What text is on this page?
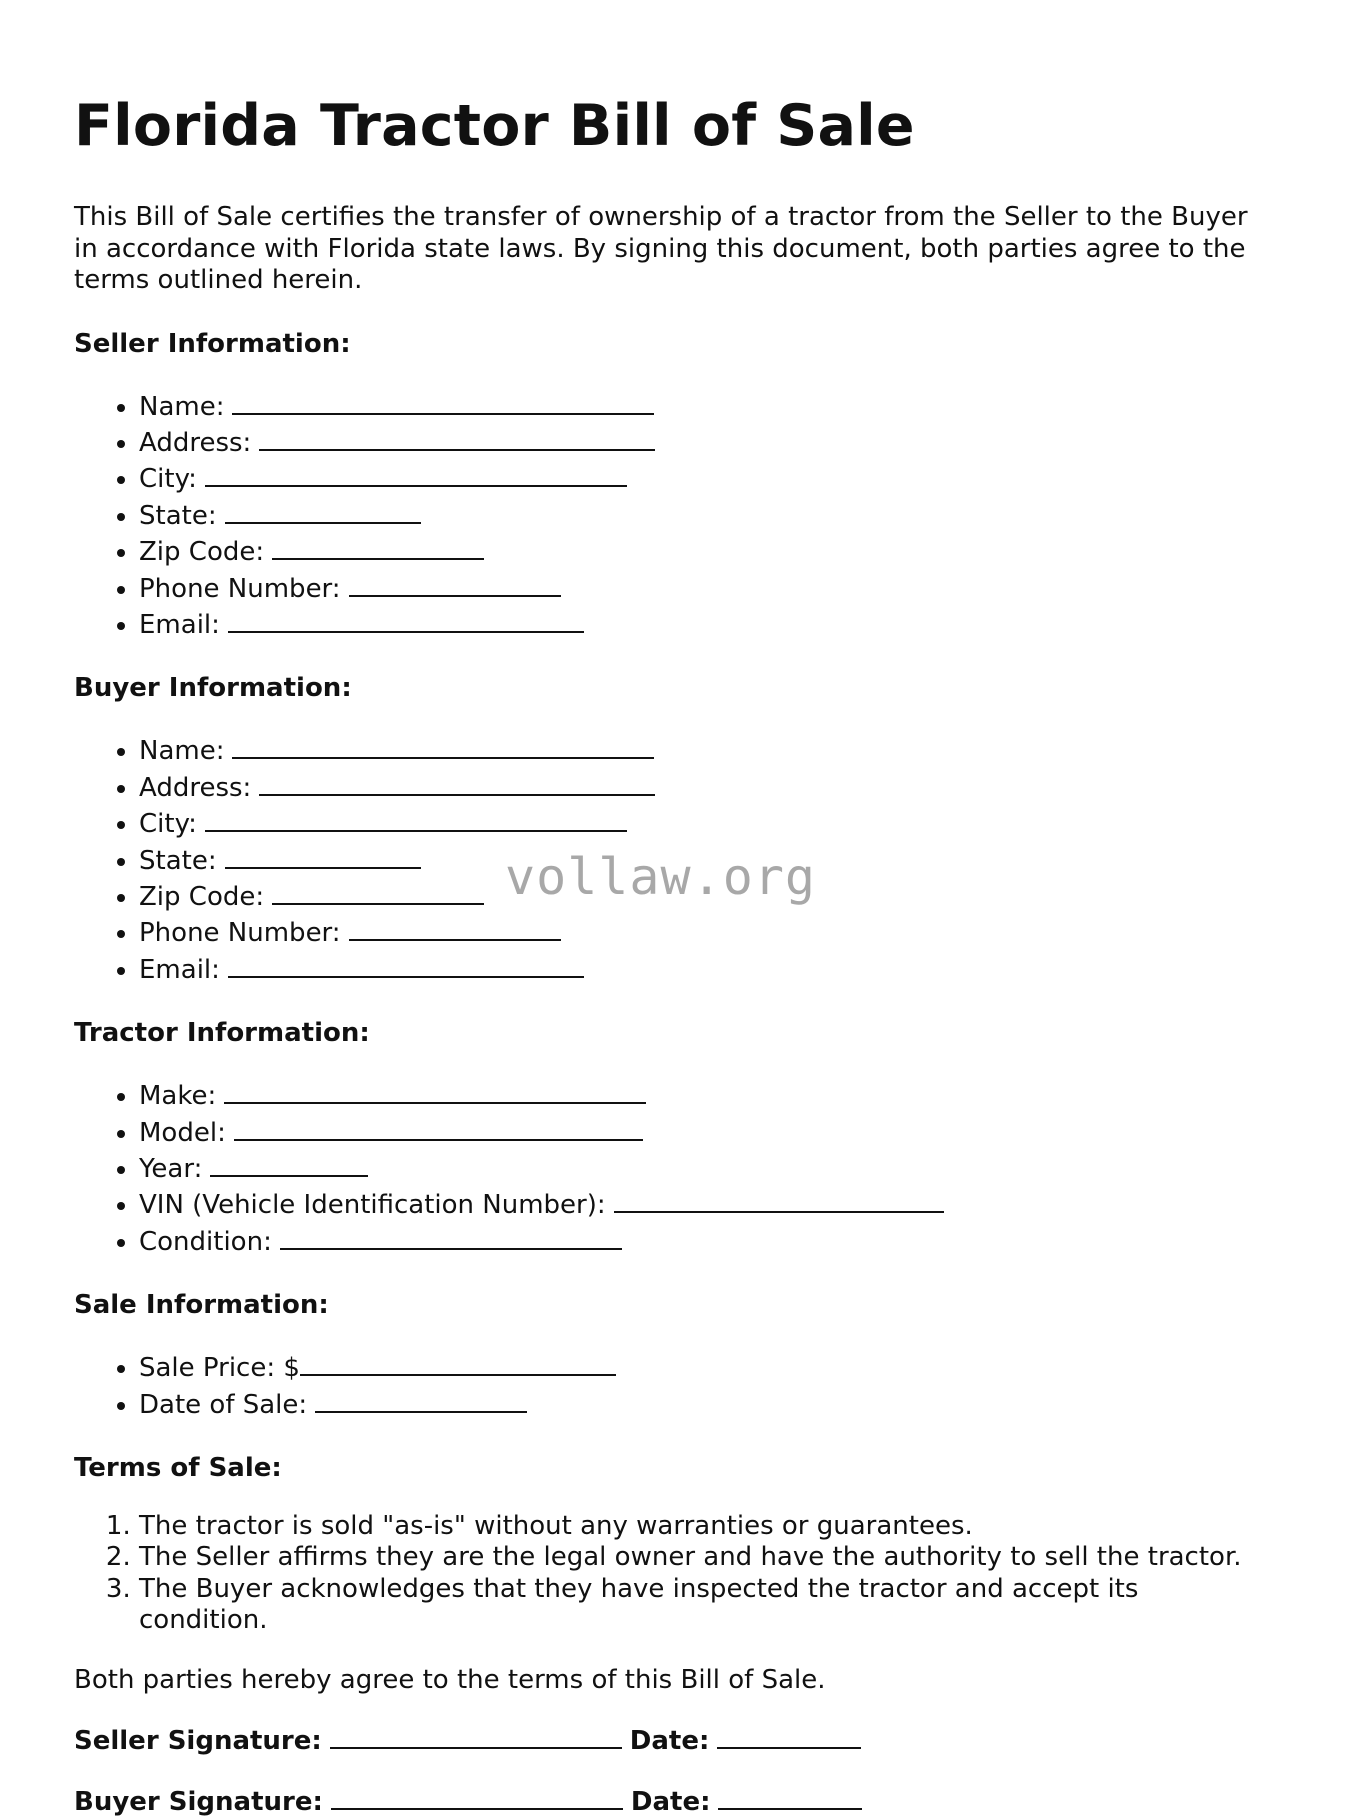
Florida Tractor Bill of Sale

This Bill of Sale certifies the transfer of ownership of a tractor from the Seller to the Buyer in accordance with Florida state laws. By signing this document, both parties agree to the terms outlined herein.

Seller Information:
• Name:
• Address:
• City:
• State:
• Zip Code:
• Phone Number:
• Email:
Buyer Information:
• Name:
• Address:
• City:
• State:
• Zip Code:
• Phone Number:
• Email:
Tractor Information:
• Make:
• Model:
• Year:
• VIN (Vehicle Identification Number):
• Condition:
Sale Information:
• Sale Price: $
• Date of Sale:
Terms of Sale:
1. The tractor is sold "as-is" without any warranties or guarantees.
2. The Seller affirms they are the legal owner and have the authority to sell the tractor.
3. The Buyer acknowledges that they have inspected the tractor and accept its condition.

Both parties hereby agree to the terms of this Bill of Sale.

Seller Signature:	Date:

Buyer Signature:	Date:

vollaw.org
